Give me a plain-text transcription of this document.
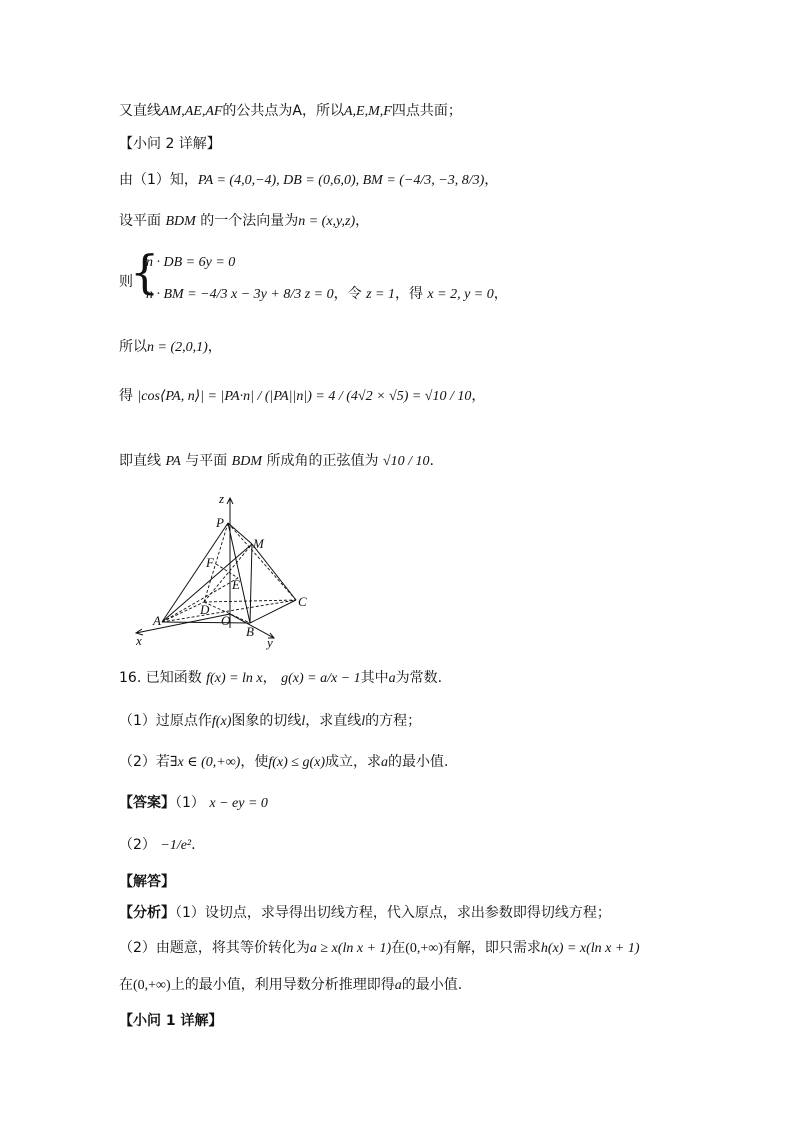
又直线AM,AE,AF的公共点为A，所以A,E,M,F四点共面；
【小问 2 详解】
由（1）知，PA = (4,0,−4), DB = (0,6,0), BM = (−4/3, −3, 8/3)，
设平面 BDM 的一个法向量为n = (x,y,z)，
则
{
n · DB = 6y = 0
n · BM = −4/3 x − 3y + 8/3 z = 0，令 z = 1，得 x = 2, y = 0，
所以n = (2,0,1)，
得 |cos⟨PA, n⟩| = |PA·n| / (|PA||n|) = 4 / (4√2 × √5) = √10 / 10，
即直线 PA 与平面 BDM 所成角的正弦值为 √10 / 10.
z
P
M
F
E
D
O
C
A
B
x	y
16. 已知函数 f(x) = ln x， g(x) = a/x − 1其中a为常数.
（1）过原点作f(x)图象的切线l，求直线l的方程；
（2）若∃x ∈ (0,+∞)，使f(x) ≤ g(x)成立，求a的最小值.
【答案】（1） x − ey = 0
（2） −1/e².
【解答】
【分析】（1）设切点，求导得出切线方程，代入原点，求出参数即得切线方程；
（2）由题意，将其等价转化为a ≥ x(ln x + 1)在(0,+∞)有解，即只需求h(x) = x(ln x + 1)
在(0,+∞)上的最小值，利用导数分析推理即得a的最小值.
【小问 1 详解】
